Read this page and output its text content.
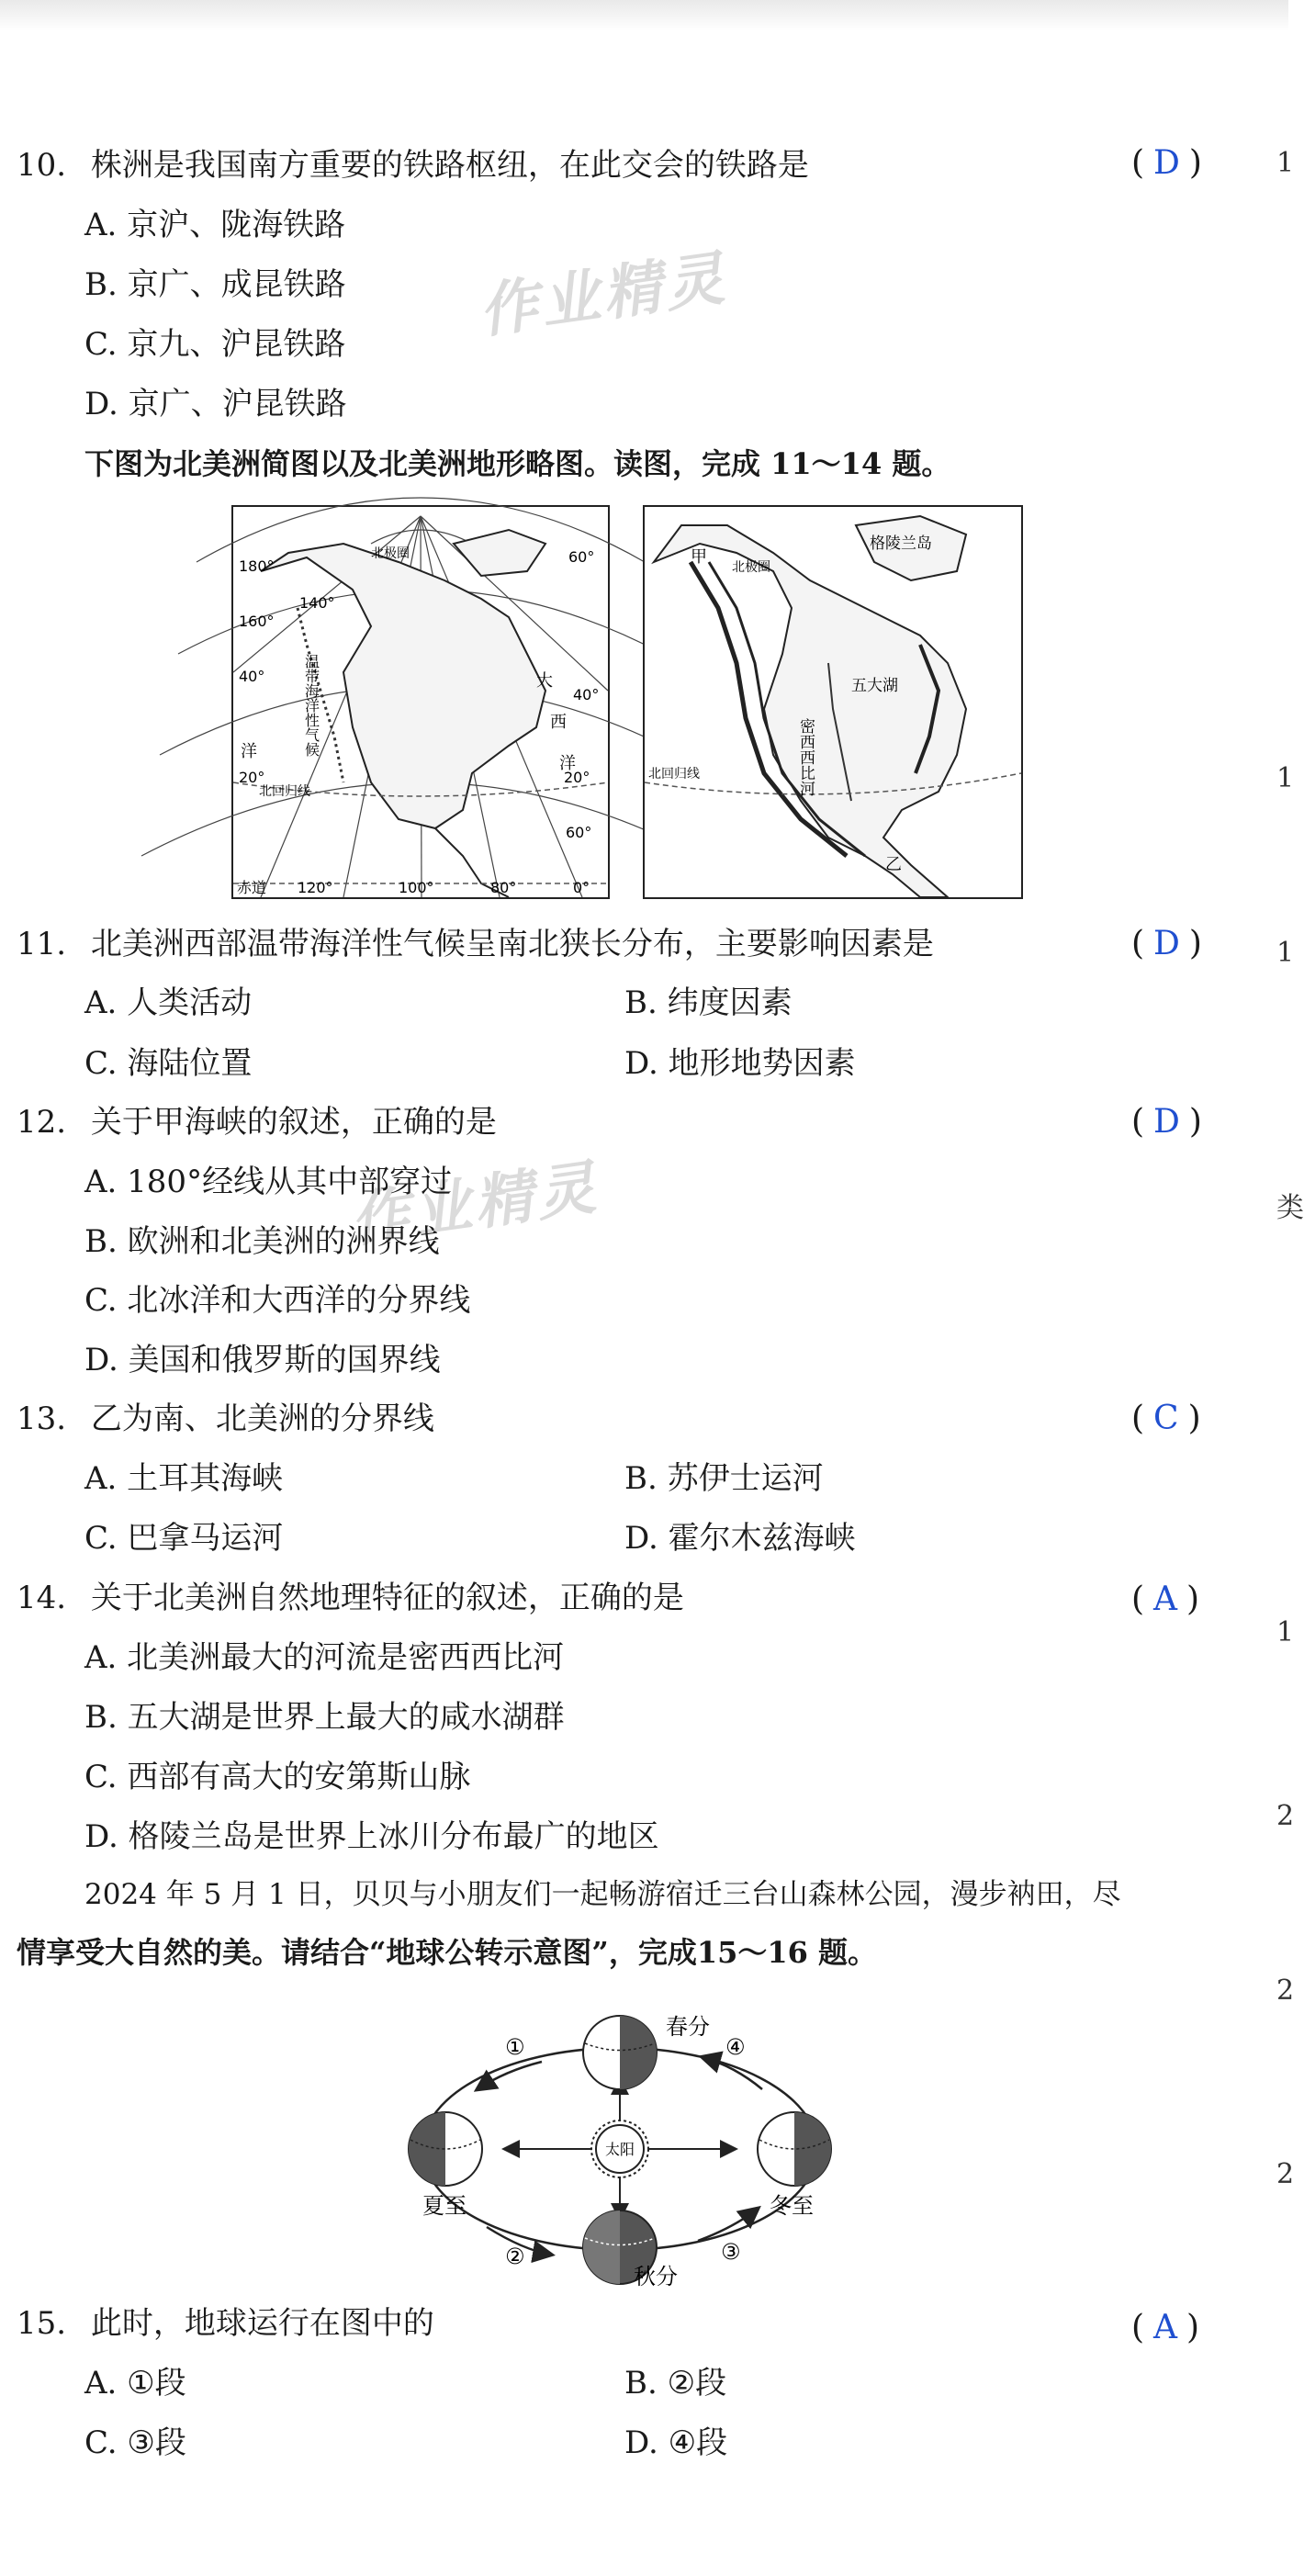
1
1
1
类
1
2
2
2
作业精灵
作业精灵
10. 株洲是我国南方重要的铁路枢纽，在此交会的铁路是	( D )
A. 京沪、陇海铁路
B. 京广、成昆铁路
C. 京九、沪昆铁路
D. 京广、沪昆铁路
下图为北美洲简图以及北美洲地形略图。读图，完成 11～14 题。
180°
160°
40°
20°	20°
140°
60°
40°
60°
0°
赤道 120°	100°	80°
洋
北回归线
北极圈
大
西
洋
温带海洋性气候
甲
格陵兰岛
五大湖
密西西比河
乙
北回归线
北极圈
11. 北美洲西部温带海洋性气候呈南北狭长分布，主要影响因素是	( D )
A. 人类活动	B. 纬度因素
C. 海陆位置	D. 地形地势因素
12. 关于甲海峡的叙述，正确的是	( D )
A. 180°经线从其中部穿过
B. 欧洲和北美洲的洲界线
C. 北冰洋和大西洋的分界线
D. 美国和俄罗斯的国界线
13. 乙为南、北美洲的分界线	( C )
A. 土耳其海峡	B. 苏伊士运河
C. 巴拿马运河	D. 霍尔木兹海峡
14. 关于北美洲自然地理特征的叙述，正确的是	( A )
A. 北美洲最大的河流是密西西比河
B. 五大湖是世界上最大的咸水湖群
C. 西部有高大的安第斯山脉
D. 格陵兰岛是世界上冰川分布最广的地区
2024 年 5 月 1 日，贝贝与小朋友们一起畅游宿迁三台山森林公园，漫步衲田，尽
情享受大自然的美。请结合“地球公转示意图”，完成15～16 题。
太阳
春分
夏至
秋分
冬至
①
②	③
④
15. 此时，地球运行在图中的	( A )
A. ①段	B. ②段
C. ③段	D. ④段
